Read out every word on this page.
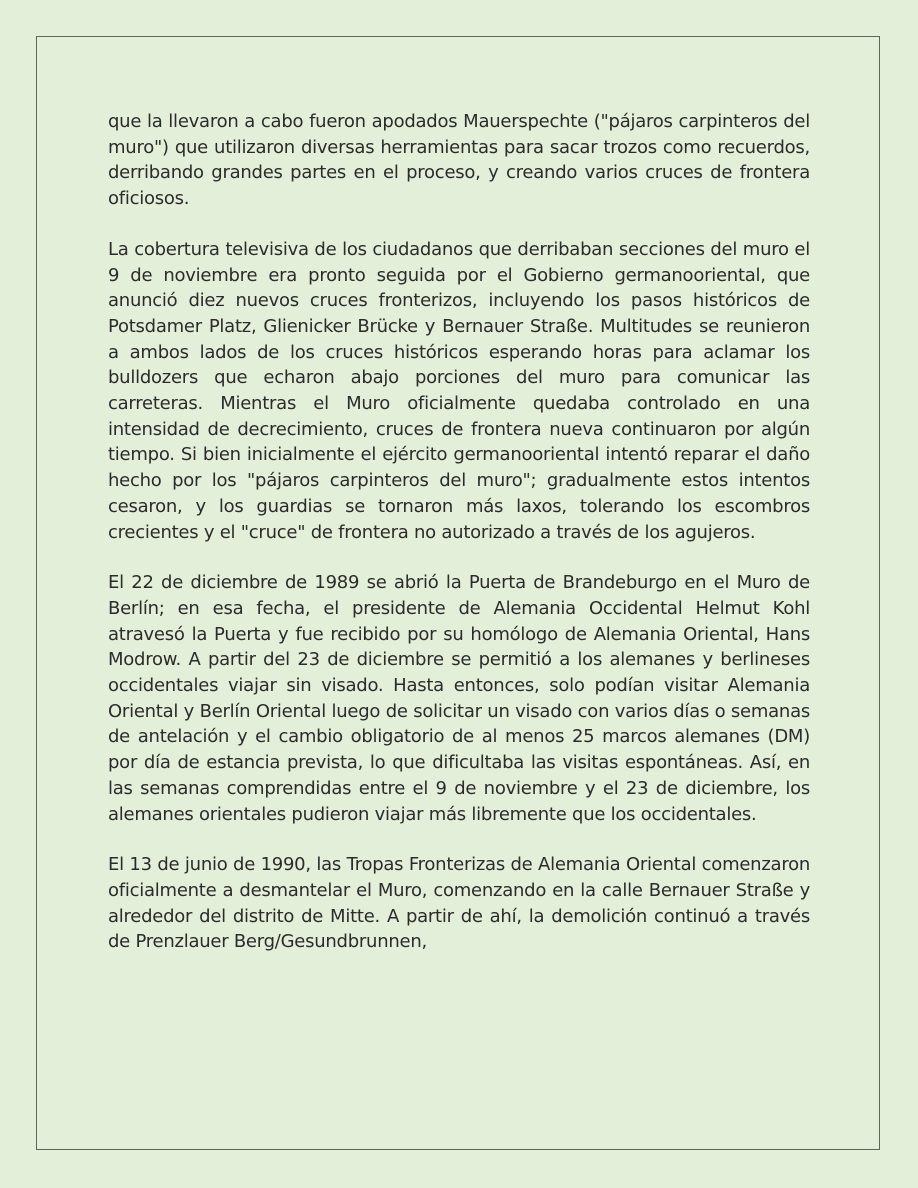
que la llevaron a cabo fueron apodados Mauerspechte ("pájaros carpinteros del muro") que utilizaron diversas herramientas para sacar trozos como recuerdos, derribando grandes partes en el proceso, y creando varios cruces de frontera oficiosos.

La cobertura televisiva de los ciudadanos que derribaban secciones del muro el 9 de noviembre era pronto seguida por el Gobierno germanooriental, que anunció diez nuevos cruces fronterizos, incluyendo los pasos históricos de Potsdamer Platz, Glienicker Brücke y Bernauer Straße. Multitudes se reunieron a ambos lados de los cruces históricos esperando horas para aclamar los bulldozers que echaron abajo porciones del muro para comunicar las carreteras. Mientras el Muro oficialmente quedaba controlado en una intensidad de decrecimiento, cruces de frontera nueva continuaron por algún tiempo. Si bien inicialmente el ejército germanooriental intentó reparar el daño hecho por los "pájaros carpinteros del muro"; gradualmente estos intentos cesaron, y los guardias se tornaron más laxos, tolerando los escombros crecientes y el "cruce" de frontera no autorizado a través de los agujeros.

El 22 de diciembre de 1989 se abrió la Puerta de Brandeburgo en el Muro de Berlín; en esa fecha, el presidente de Alemania Occidental Helmut Kohl atravesó la Puerta y fue recibido por su homólogo de Alemania Oriental, Hans Modrow. A partir del 23 de diciembre se permitió a los alemanes y berlineses occidentales viajar sin visado. Hasta entonces, solo podían visitar Alemania Oriental y Berlín Oriental luego de solicitar un visado con varios días o semanas de antelación y el cambio obligatorio de al menos 25 marcos alemanes (DM) por día de estancia prevista, lo que dificultaba las visitas espontáneas. Así, en las semanas comprendidas entre el 9 de noviembre y el 23 de diciembre, los alemanes orientales pudieron viajar más libremente que los occidentales.

El 13 de junio de 1990, las Tropas Fronterizas de Alemania Oriental comenzaron oficialmente a desmantelar el Muro, comenzando en la calle Bernauer Straße y alrededor del distrito de Mitte. A partir de ahí, la demolición continuó a través de Prenzlauer Berg/Gesundbrunnen,
